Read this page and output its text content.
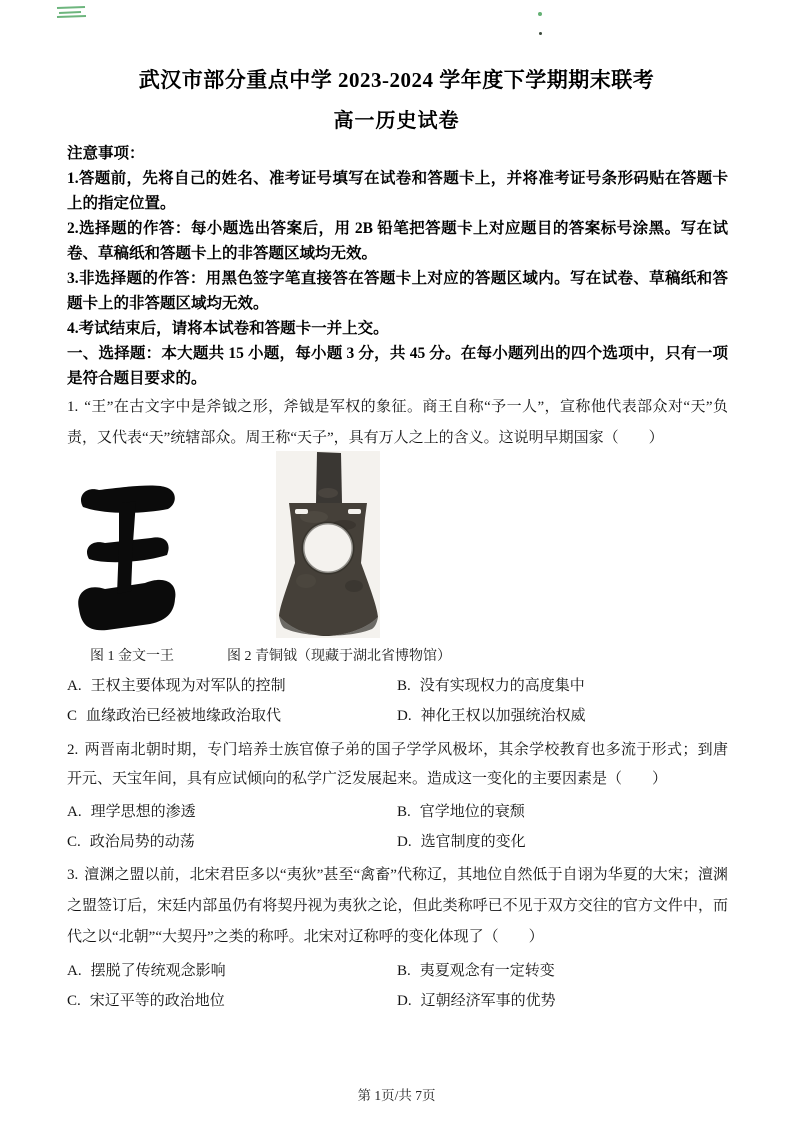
武汉市部分重点中学 2023-2024 学年度下学期期末联考
高一历史试卷
注意事项：

1.答题前，先将自己的姓名、准考证号填写在试卷和答题卡上，并将准考证号条形码贴在答题卡上的指定位置。

2.选择题的作答：每小题选出答案后，用 2B 铅笔把答题卡上对应题目的答案标号涂黑。写在试卷、草稿纸和答题卡上的非答题区域均无效。

3.非选择题的作答：用黑色签字笔直接答在答题卡上对应的答题区域内。写在试卷、草稿纸和答题卡上的非答题区域均无效。

4.考试结束后，请将本试卷和答题卡一并上交。

一、选择题：本大题共 15 小题，每小题 3 分，共 45 分。在每小题列出的四个选项中，只有一项是符合题目要求的。

1. “王”在古文字中是斧钺之形，斧钺是军权的象征。商王自称“予一人”，宣称他代表部众对“天”负责，又代表“天”统辖部众。周王称“天子”，具有万人之上的含义。这说明早期国家（　　）
图 1 金文一王	图 2 青铜钺（现藏于湖北省博物馆）
A. 王权主要体现为对军队的控制	B. 没有实现权力的高度集中
C 血缘政治已经被地缘政治取代	D. 神化王权以加强统治权威
2. 两晋南北朝时期，专门培养士族官僚子弟的国子学学风极坏，其余学校教育也多流于形式；到唐开元、天宝年间，具有应试倾向的私学广泛发展起来。造成这一变化的主要因素是（　　）
A. 理学思想的渗透	B. 官学地位的衰颓
C. 政治局势的动荡	D. 选官制度的变化
3. 澶渊之盟以前，北宋君臣多以“夷狄”甚至“禽畜”代称辽，其地位自然低于自诩为华夏的大宋；澶渊之盟签订后，宋廷内部虽仍有将契丹视为夷狄之论，但此类称呼已不见于双方交往的官方文件中，而代之以“北朝”“大契丹”之类的称呼。北宋对辽称呼的变化体现了（　　）
A. 摆脱了传统观念影响	B. 夷夏观念有一定转变
C. 宋辽平等的政治地位	D. 辽朝经济军事的优势
第 1页/共 7页
